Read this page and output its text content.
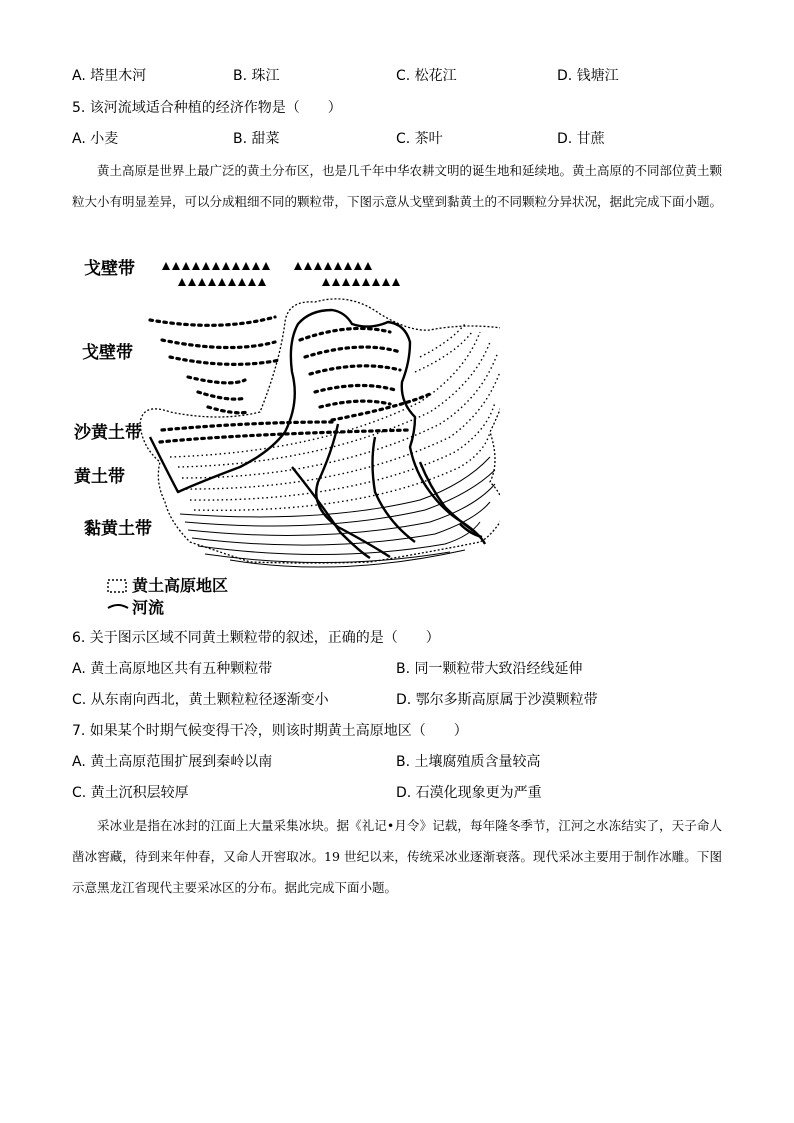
A. 塔里木河	B. 珠江	C. 松花江	D. 钱塘江
5. 该河流域适合种植的经济作物是（　　）
A. 小麦	B. 甜菜	C. 茶叶	D. 甘蔗
黄土高原是世界上最广泛的黄土分布区，也是几千年中华农耕文明的诞生地和延续地。黄土高原的不同部位黄土颗粒大小有明显差异，可以分成粗细不同的颗粒带，下图示意从戈壁到黏黄土的不同颗粒分异状况，据此完成下面小题。
戈壁带
戈壁带
沙黄土带
黄土带
黏黄土带
黄土高原地区
河流
6. 关于图示区域不同黄土颗粒带的叙述，正确的是（　　）
A. 黄土高原地区共有五种颗粒带	B. 同一颗粒带大致沿经线延伸
C. 从东南向西北，黄土颗粒粒径逐渐变小	D. 鄂尔多斯高原属于沙漠颗粒带
7. 如果某个时期气候变得干冷，则该时期黄土高原地区（　　）
A. 黄土高原范围扩展到秦岭以南	B. 土壤腐殖质含量较高
C. 黄土沉积层较厚	D. 石漠化现象更为严重
采冰业是指在冰封的江面上大量采集冰块。据《礼记•月令》记载，每年隆冬季节，江河之水冻结实了，天子命人凿冰窖藏，待到来年仲春，又命人开窖取冰。19 世纪以来，传统采冰业逐渐衰落。现代采冰主要用于制作冰雕。下图示意黑龙江省现代主要采冰区的分布。据此完成下面小题。
